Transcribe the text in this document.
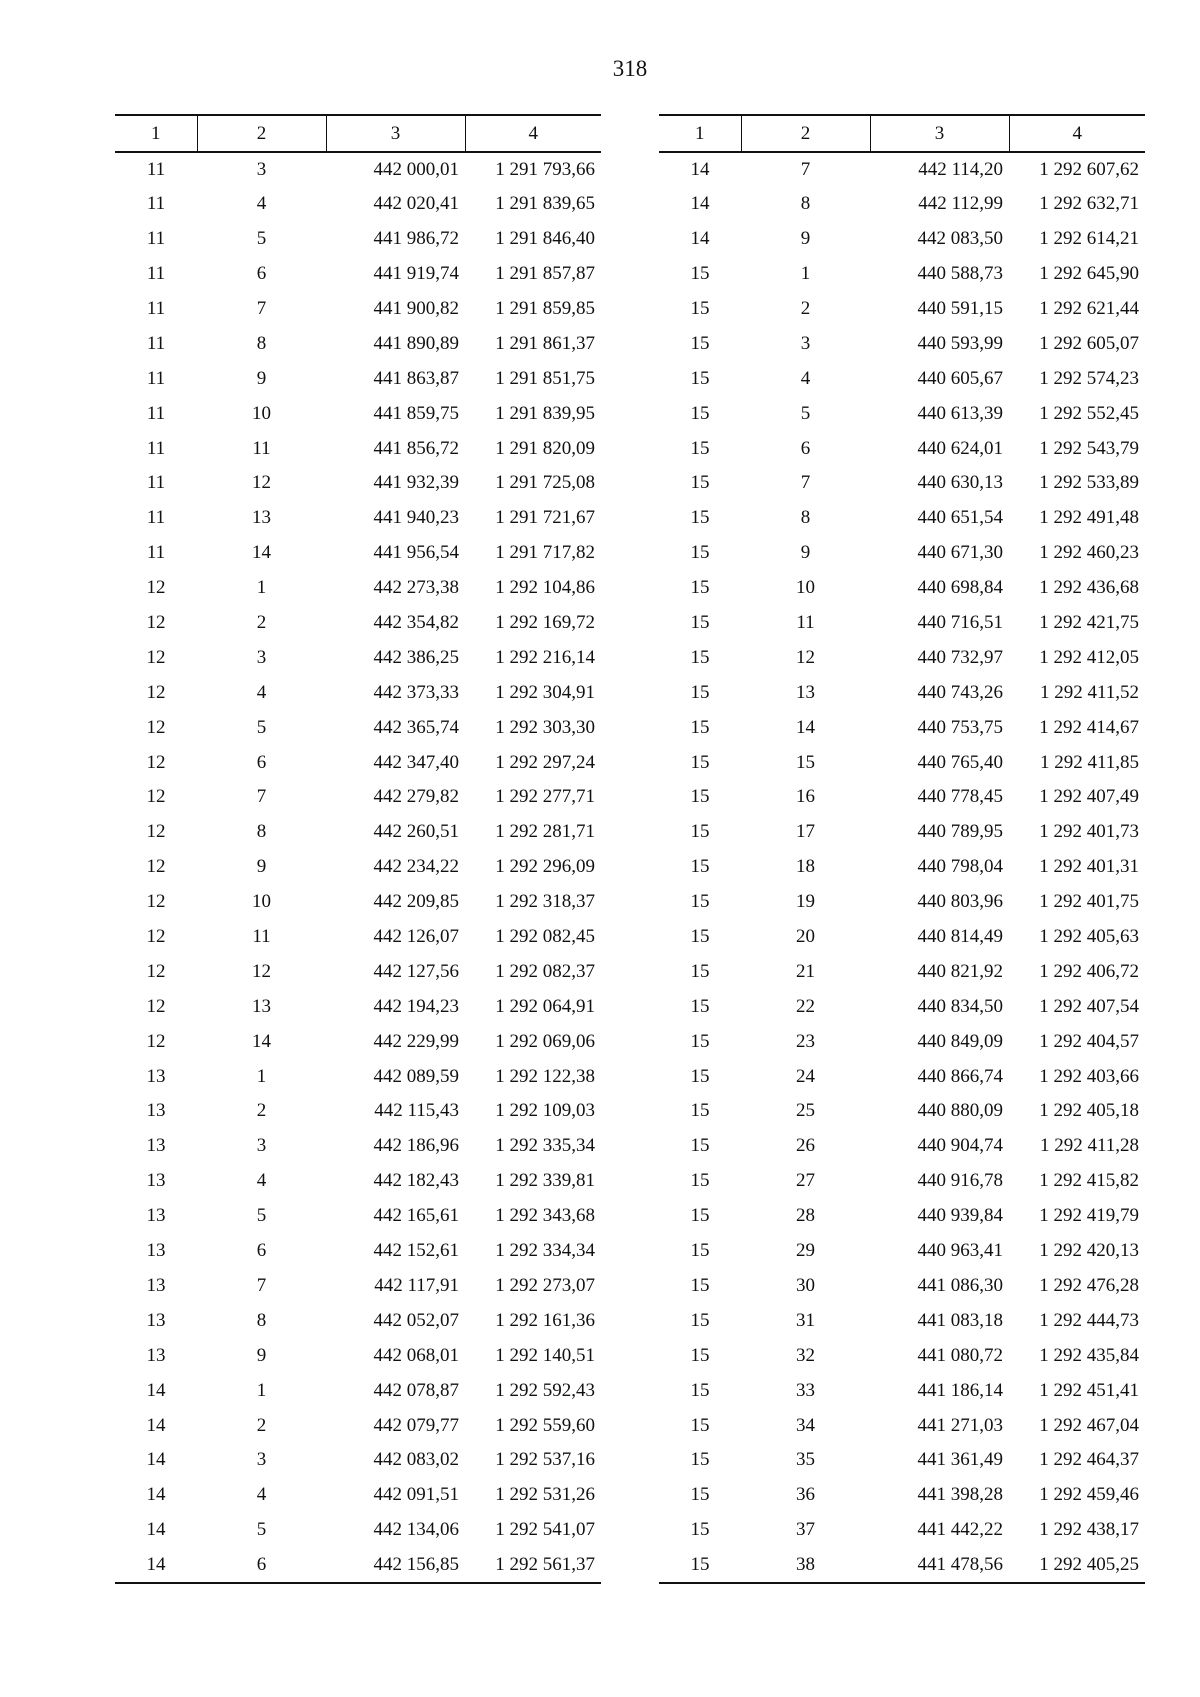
318
1	2	3	4
11	3	442 000,01	1 291 793,66
11	4	442 020,41	1 291 839,65
11	5	441 986,72	1 291 846,40
11	6	441 919,74	1 291 857,87
11	7	441 900,82	1 291 859,85
11	8	441 890,89	1 291 861,37
11	9	441 863,87	1 291 851,75
11	10	441 859,75	1 291 839,95
11	11	441 856,72	1 291 820,09
11	12	441 932,39	1 291 725,08
11	13	441 940,23	1 291 721,67
11	14	441 956,54	1 291 717,82
12	1	442 273,38	1 292 104,86
12	2	442 354,82	1 292 169,72
12	3	442 386,25	1 292 216,14
12	4	442 373,33	1 292 304,91
12	5	442 365,74	1 292 303,30
12	6	442 347,40	1 292 297,24
12	7	442 279,82	1 292 277,71
12	8	442 260,51	1 292 281,71
12	9	442 234,22	1 292 296,09
12	10	442 209,85	1 292 318,37
12	11	442 126,07	1 292 082,45
12	12	442 127,56	1 292 082,37
12	13	442 194,23	1 292 064,91
12	14	442 229,99	1 292 069,06
13	1	442 089,59	1 292 122,38
13	2	442 115,43	1 292 109,03
13	3	442 186,96	1 292 335,34
13	4	442 182,43	1 292 339,81
13	5	442 165,61	1 292 343,68
13	6	442 152,61	1 292 334,34
13	7	442 117,91	1 292 273,07
13	8	442 052,07	1 292 161,36
13	9	442 068,01	1 292 140,51
14	1	442 078,87	1 292 592,43
14	2	442 079,77	1 292 559,60
14	3	442 083,02	1 292 537,16
14	4	442 091,51	1 292 531,26
14	5	442 134,06	1 292 541,07
14	6	442 156,85	1 292 561,37
1	2	3	4
14	7	442 114,20	1 292 607,62
14	8	442 112,99	1 292 632,71
14	9	442 083,50	1 292 614,21
15	1	440 588,73	1 292 645,90
15	2	440 591,15	1 292 621,44
15	3	440 593,99	1 292 605,07
15	4	440 605,67	1 292 574,23
15	5	440 613,39	1 292 552,45
15	6	440 624,01	1 292 543,79
15	7	440 630,13	1 292 533,89
15	8	440 651,54	1 292 491,48
15	9	440 671,30	1 292 460,23
15	10	440 698,84	1 292 436,68
15	11	440 716,51	1 292 421,75
15	12	440 732,97	1 292 412,05
15	13	440 743,26	1 292 411,52
15	14	440 753,75	1 292 414,67
15	15	440 765,40	1 292 411,85
15	16	440 778,45	1 292 407,49
15	17	440 789,95	1 292 401,73
15	18	440 798,04	1 292 401,31
15	19	440 803,96	1 292 401,75
15	20	440 814,49	1 292 405,63
15	21	440 821,92	1 292 406,72
15	22	440 834,50	1 292 407,54
15	23	440 849,09	1 292 404,57
15	24	440 866,74	1 292 403,66
15	25	440 880,09	1 292 405,18
15	26	440 904,74	1 292 411,28
15	27	440 916,78	1 292 415,82
15	28	440 939,84	1 292 419,79
15	29	440 963,41	1 292 420,13
15	30	441 086,30	1 292 476,28
15	31	441 083,18	1 292 444,73
15	32	441 080,72	1 292 435,84
15	33	441 186,14	1 292 451,41
15	34	441 271,03	1 292 467,04
15	35	441 361,49	1 292 464,37
15	36	441 398,28	1 292 459,46
15	37	441 442,22	1 292 438,17
15	38	441 478,56	1 292 405,25
